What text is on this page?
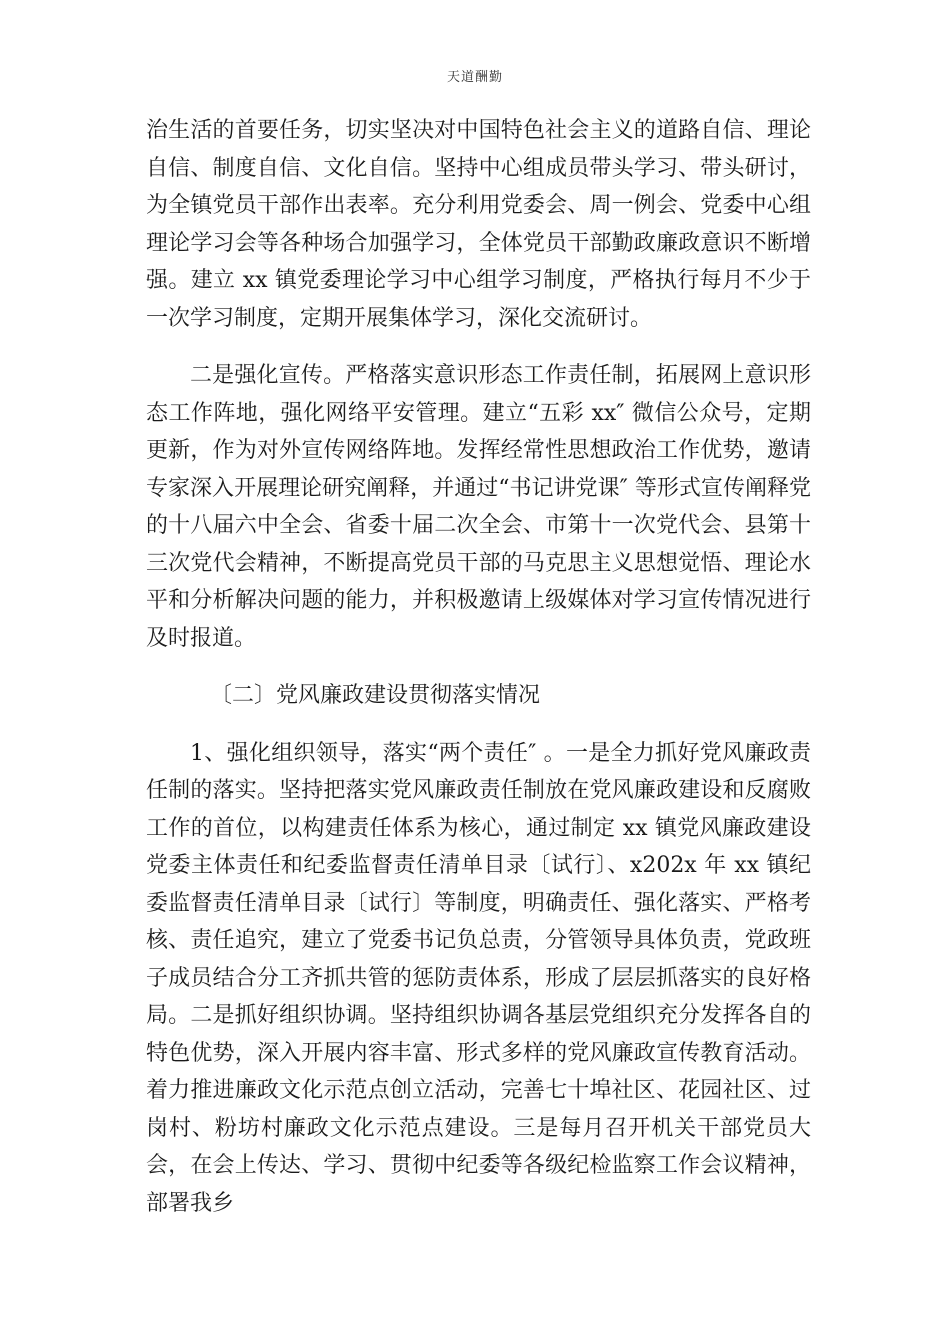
天道酬勤

治生活的首要任务，切实坚决对中国特色社会主义的道路自信、理论自信、制度自信、文化自信。坚持中心组成员带头学习、带头研讨，为全镇党员干部作出表率。充分利用党委会、周一例会、党委中心组理论学习会等各种场合加强学习，全体党员干部勤政廉政意识不断增强。建立 xx 镇党委理论学习中心组学习制度，严格执行每月不少于一次学习制度，定期开展集体学习，深化交流研讨。

二是强化宣传。严格落实意识形态工作责任制，拓展网上意识形态工作阵地，强化网络平安管理。建立“五彩 xx″ 微信公众号，定期更新，作为对外宣传网络阵地。发挥经常性思想政治工作优势，邀请专家深入开展理论研究阐释，并通过“书记讲党课″ 等形式宣传阐释党的十八届六中全会、省委十届二次全会、市第十一次党代会、县第十三次党代会精神，不断提高党员干部的马克思主义思想觉悟、理论水平和分析解决问题的能力，并积极邀请上级媒体对学习宣传情况进行及时报道。

〔二〕党风廉政建设贯彻落实情况

1、强化组织领导，落实“两个责任″ 。一是全力抓好党风廉政责任制的落实。坚持把落实党风廉政责任制放在党风廉政建设和反腐败工作的首位，以构建责任体系为核心，通过制定 xx 镇党风廉政建设党委主体责任和纪委监督责任清单目录〔试行〕、x202x 年 xx 镇纪委监督责任清单目录〔试行〕等制度，明确责任、强化落实、严格考核、责任追究，建立了党委书记负总责，分管领导具体负责，党政班子成员结合分工齐抓共管的惩防责体系，形成了层层抓落实的良好格局。二是抓好组织协调。坚持组织协调各基层党组织充分发挥各自的特色优势，深入开展内容丰富、形式多样的党风廉政宣传教育活动。着力推进廉政文化示范点创立活动，完善七十埠社区、花园社区、过岗村、粉坊村廉政文化示范点建设。三是每月召开机关干部党员大会，在会上传达、学习、贯彻中纪委等各级纪检监察工作会议精神，部署我乡
